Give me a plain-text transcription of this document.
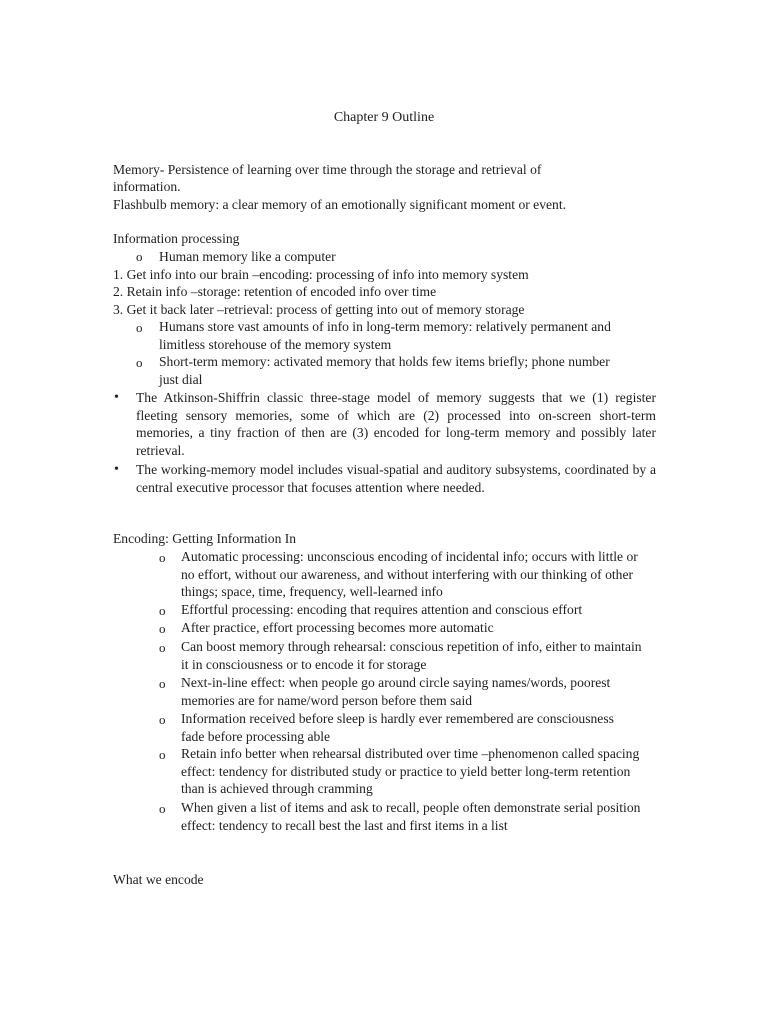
Chapter 9 Outline
Memory- Persistence of learning over time through the storage and retrieval of
information.
Flashbulb memory: a clear memory of an emotionally significant moment or event.
Information processing
o Human memory like a computer
1. Get info into our brain –encoding: processing of info into memory system
2. Retain info –storage: retention of encoded info over time
3. Get it back later –retrieval: process of getting into out of memory storage
o Humans store vast amounts of info in long-term memory: relatively permanent and limitless storehouse of the memory system
o Short-term memory: activated memory that holds few items briefly; phone number just dial
• The Atkinson-Shiffrin classic three-stage model of memory suggests that we (1) register fleeting sensory memories, some of which are (2) processed into on-screen short-term memories, a tiny fraction of then are (3) encoded for long-term memory and possibly later retrieval.
• The working-memory model includes visual-spatial and auditory subsystems, coordinated by a central executive processor that focuses attention where needed.
Encoding: Getting Information In
o Automatic processing: unconscious encoding of incidental info; occurs with little or no effort, without our awareness, and without interfering with our thinking of other things; space, time, frequency, well-learned info
o Effortful processing: encoding that requires attention and conscious effort
o After practice, effort processing becomes more automatic
o Can boost memory through rehearsal: conscious repetition of info, either to maintain it in consciousness or to encode it for storage
o Next-in-line effect: when people go around circle saying names/words, poorest memories are for name/word person before them said
o Information received before sleep is hardly ever remembered are consciousness fade before processing able
o Retain info better when rehearsal distributed over time –phenomenon called spacing effect: tendency for distributed study or practice to yield better long-term retention than is achieved through cramming
o When given a list of items and ask to recall, people often demonstrate serial position effect: tendency to recall best the last and first items in a list
What we encode
